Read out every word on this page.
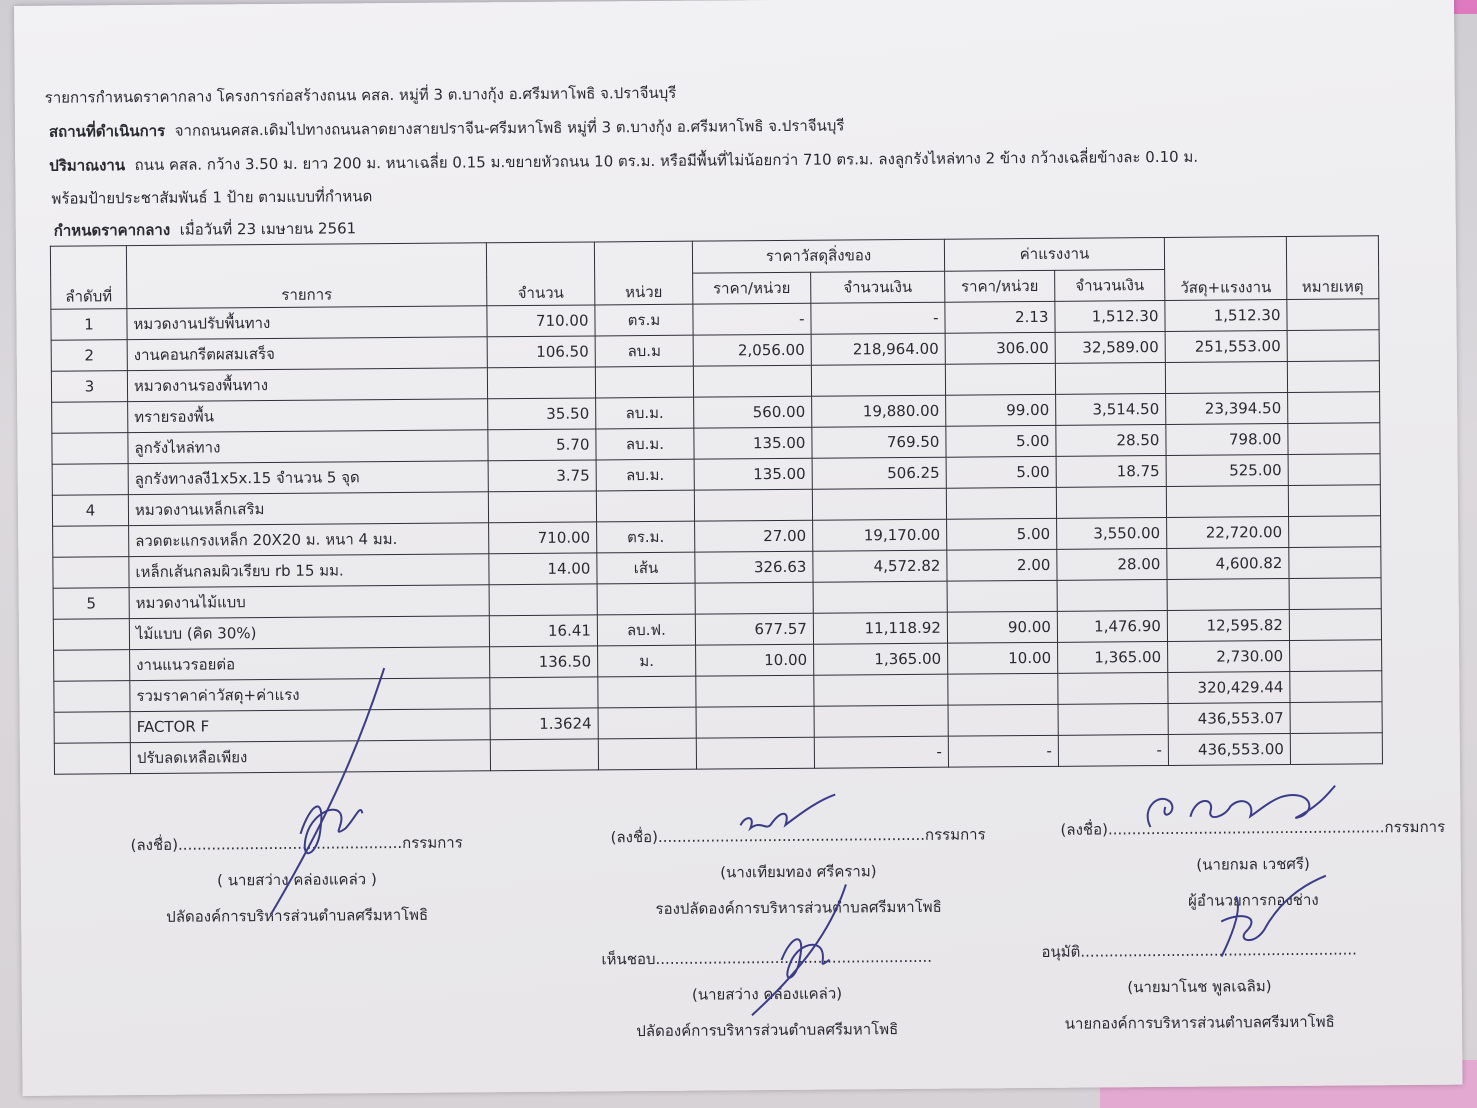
รายการกำหนดราคากลาง โครงการก่อสร้างถนน คสล. หมู่ที่ 3 ต.บางกุ้ง อ.ศรีมหาโพธิ จ.ปราจีนบุรี
สถานที่ดำเนินการ จากถนนคสล.เดิมไปทางถนนลาดยางสายปราจีน-ศรีมหาโพธิ หมู่ที่ 3 ต.บางกุ้ง อ.ศรีมหาโพธิ จ.ปราจีนบุรี
ปริมาณงาน ถนน คสล. กว้าง 3.50 ม. ยาว 200 ม. หนาเฉลี่ย 0.15 ม.ขยายหัวถนน 10 ตร.ม. หรือมีพื้นที่ไม่น้อยกว่า 710 ตร.ม. ลงลูกรังไหล่ทาง 2 ข้าง กว้างเฉลี่ยข้างละ 0.10 ม.
พร้อมป้ายประชาสัมพันธ์ 1 ป้าย ตามแบบที่กำหนด
กำหนดราคากลาง เมื่อวันที่ 23 เมษายน 2561
ลำดับที่	รายการ	จำนวน	หน่วย	ราคาวัสดุสิ่งของ		ค่าแรงงาน		วัสดุ+แรงงาน	หมายเหตุ
				ราคา/หน่วย	จำนวนเงิน	ราคา/หน่วย	จำนวนเงิน		
1	หมวดงานปรับพื้นทาง	710.00	ตร.ม	-	-	2.13	1,512.30	1,512.30	
2	งานคอนกรีตผสมเสร็จ	106.50	ลบ.ม	2,056.00	218,964.00	306.00	32,589.00	251,553.00	
3	หมวดงานรองพื้นทาง								
	ทรายรองพื้น	35.50	ลบ.ม.	560.00	19,880.00	99.00	3,514.50	23,394.50	
	ลูกรังไหล่ทาง	5.70	ลบ.ม.	135.00	769.50	5.00	28.50	798.00	
	ลูกรังทางลงี1x5x.15 จำนวน 5 จุด	3.75	ลบ.ม.	135.00	506.25	5.00	18.75	525.00	
4	หมวดงานเหล็กเสริม								
	ลวดตะแกรงเหล็ก 20X20 ม. หนา 4 มม.	710.00	ตร.ม.	27.00	19,170.00	5.00	3,550.00	22,720.00	
	เหล็กเส้นกลมผิวเรียบ rb 15 มม.	14.00	เส้น	326.63	4,572.82	2.00	28.00	4,600.82	
5	หมวดงานไม้แบบ								
	ไม้แบบ (คิด 30%)	16.41	ลบ.ฟ.	677.57	11,118.92	90.00	1,476.90	12,595.82	
	งานแนวรอยต่อ	136.50	ม.	10.00	1,365.00	10.00	1,365.00	2,730.00	
	รวมราคาค่าวัสดุ+ค่าแรง							320,429.44	
	FACTOR F	1.3624						436,553.07	
	ปรับลดเหลือเพียง				-	-	-	436,553.00	
(ลงชื่อ)...............................................กรรมการ
( นายสว่าง คล่องแคล่ว )
ปลัดองค์การบริหารส่วนตำบลศรีมหาโพธิ
(ลงชื่อ)........................................................กรรมการ
(นางเทียมทอง ศรีคราม)
รองปลัดองค์การบริหารส่วนตำบลศรีมหาโพธิ
(ลงชื่อ)..........................................................กรรมการ
(นายกมล เวชศรี)
ผู้อำนวยการกองช่าง
เห็นชอบ..........................................................
(นายสว่าง คล่องแคล่ว)
ปลัดองค์การบริหารส่วนตำบลศรีมหาโพธิ
อนุมัติ..........................................................
(นายมาโนช พูลเฉลิม)
นายกองค์การบริหารส่วนตำบลศรีมหาโพธิ
